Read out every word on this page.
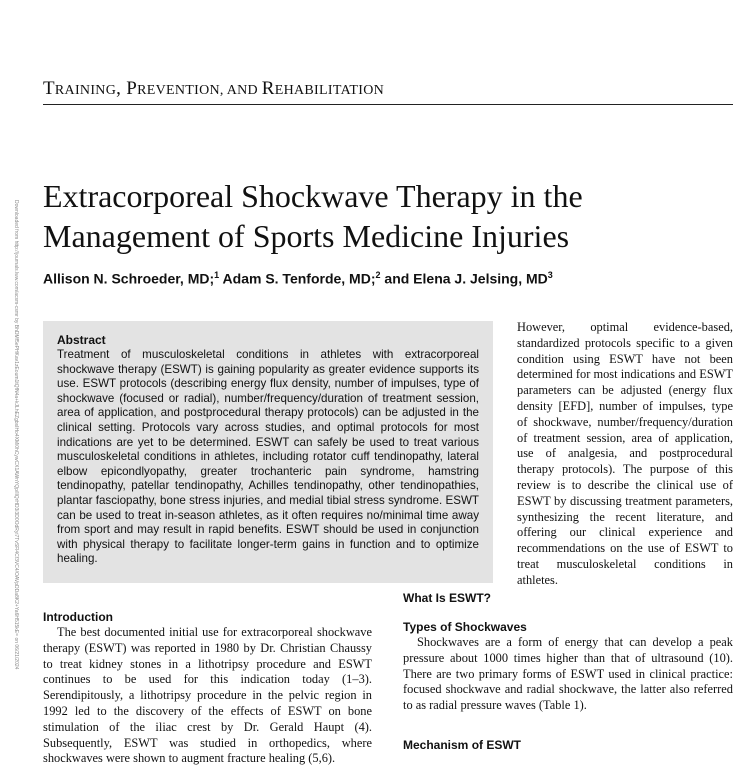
TRAINING, PREVENTION, AND REHABILITATION
Downloaded from http://journals.lww.com/acsm-csmr by BhDMf5ePHKav1zEoum1tQfN4a+kJLhEZgbsIHo4XMi0hCywCX1AWnYQp/IlQrHD3i3D0OdRyi7TvSFl4Cf3VC4/OAVpDDa8K2+Ya6H515kE= on 06/21/2024
Extracorporeal Shockwave Therapy in the Management of Sports Medicine Injuries
Allison N. Schroeder, MD;$^1$ Adam S. Tenforde, MD;$^2$ and Elena J. Jelsing, $MD^3$
Abstract

Treatment of musculoskeletal conditions in athletes with extracorporeal shockwave therapy (ESWT) is gaining popularity as greater evidence supports its use. ESWT protocols (describing energy flux density, number of impulses, type of shockwave (focused or radial), number/frequency/duration of treatment session, area of application, and postprocedural therapy protocols) can be adjusted in the clinical setting. Protocols vary across studies, and optimal protocols for most indications are yet to be determined. ESWT can safely be used to treat various musculoskeletal conditions in athletes, including rotator cuff tendinopathy, lateral elbow epicondlyopathy, greater trochanteric pain syndrome, hamstring tendinopathy, patellar tendinopathy, Achilles tendinopathy, other tendinopathies, plantar fasciopathy, bone stress injuries, and medial tibial stress syndrome. ESWT can be used to treat in-season athletes, as it often requires no/minimal time away from sport and may result in rapid benefits. ESWT should be used in conjunction with physical therapy to facilitate longer-term gains in function and to optimize healing.

However, optimal evidence-based, standardized protocols specific to a given condition using ESWT have not been determined for most indications and ESWT parameters can be adjusted (energy flux density [EFD], number of impulses, type of shockwave, number/frequency/duration of treatment session, area of application, use of analgesia, and postprocedural therapy protocols). The purpose of this review is to describe the clinical use of ESWT by discussing treatment parameters, synthesizing the recent literature, and offering our clinical experience and recommendations on the use of ESWT to treat musculoskeletal conditions in athletes.

Introduction

The best documented initial use for extracorporeal shockwave therapy (ESWT) was reported in 1980 by Dr. Christian Chaussy to treat kidney stones in a lithotripsy procedure and ESWT continues to be used for this indication today (1–3). Serendipitously, a lithotripsy procedure in the pelvic region in 1992 led to the discovery of the effects of ESWT on bone stimulation of the iliac crest by Dr. Gerald Haupt (4). Subsequently, ESWT was studied in orthopedics, where shockwaves were shown to augment fracture healing (5,6).

What Is ESWT?
Types of Shockwaves

Shockwaves are a form of energy that can develop a peak pressure about 1000 times higher than that of ultrasound (10). There are two primary forms of ESWT used in clinical practice: focused shockwave and radial shockwave, the latter also referred to as radial pressure waves (Table 1).

Mechanism of ESWT
